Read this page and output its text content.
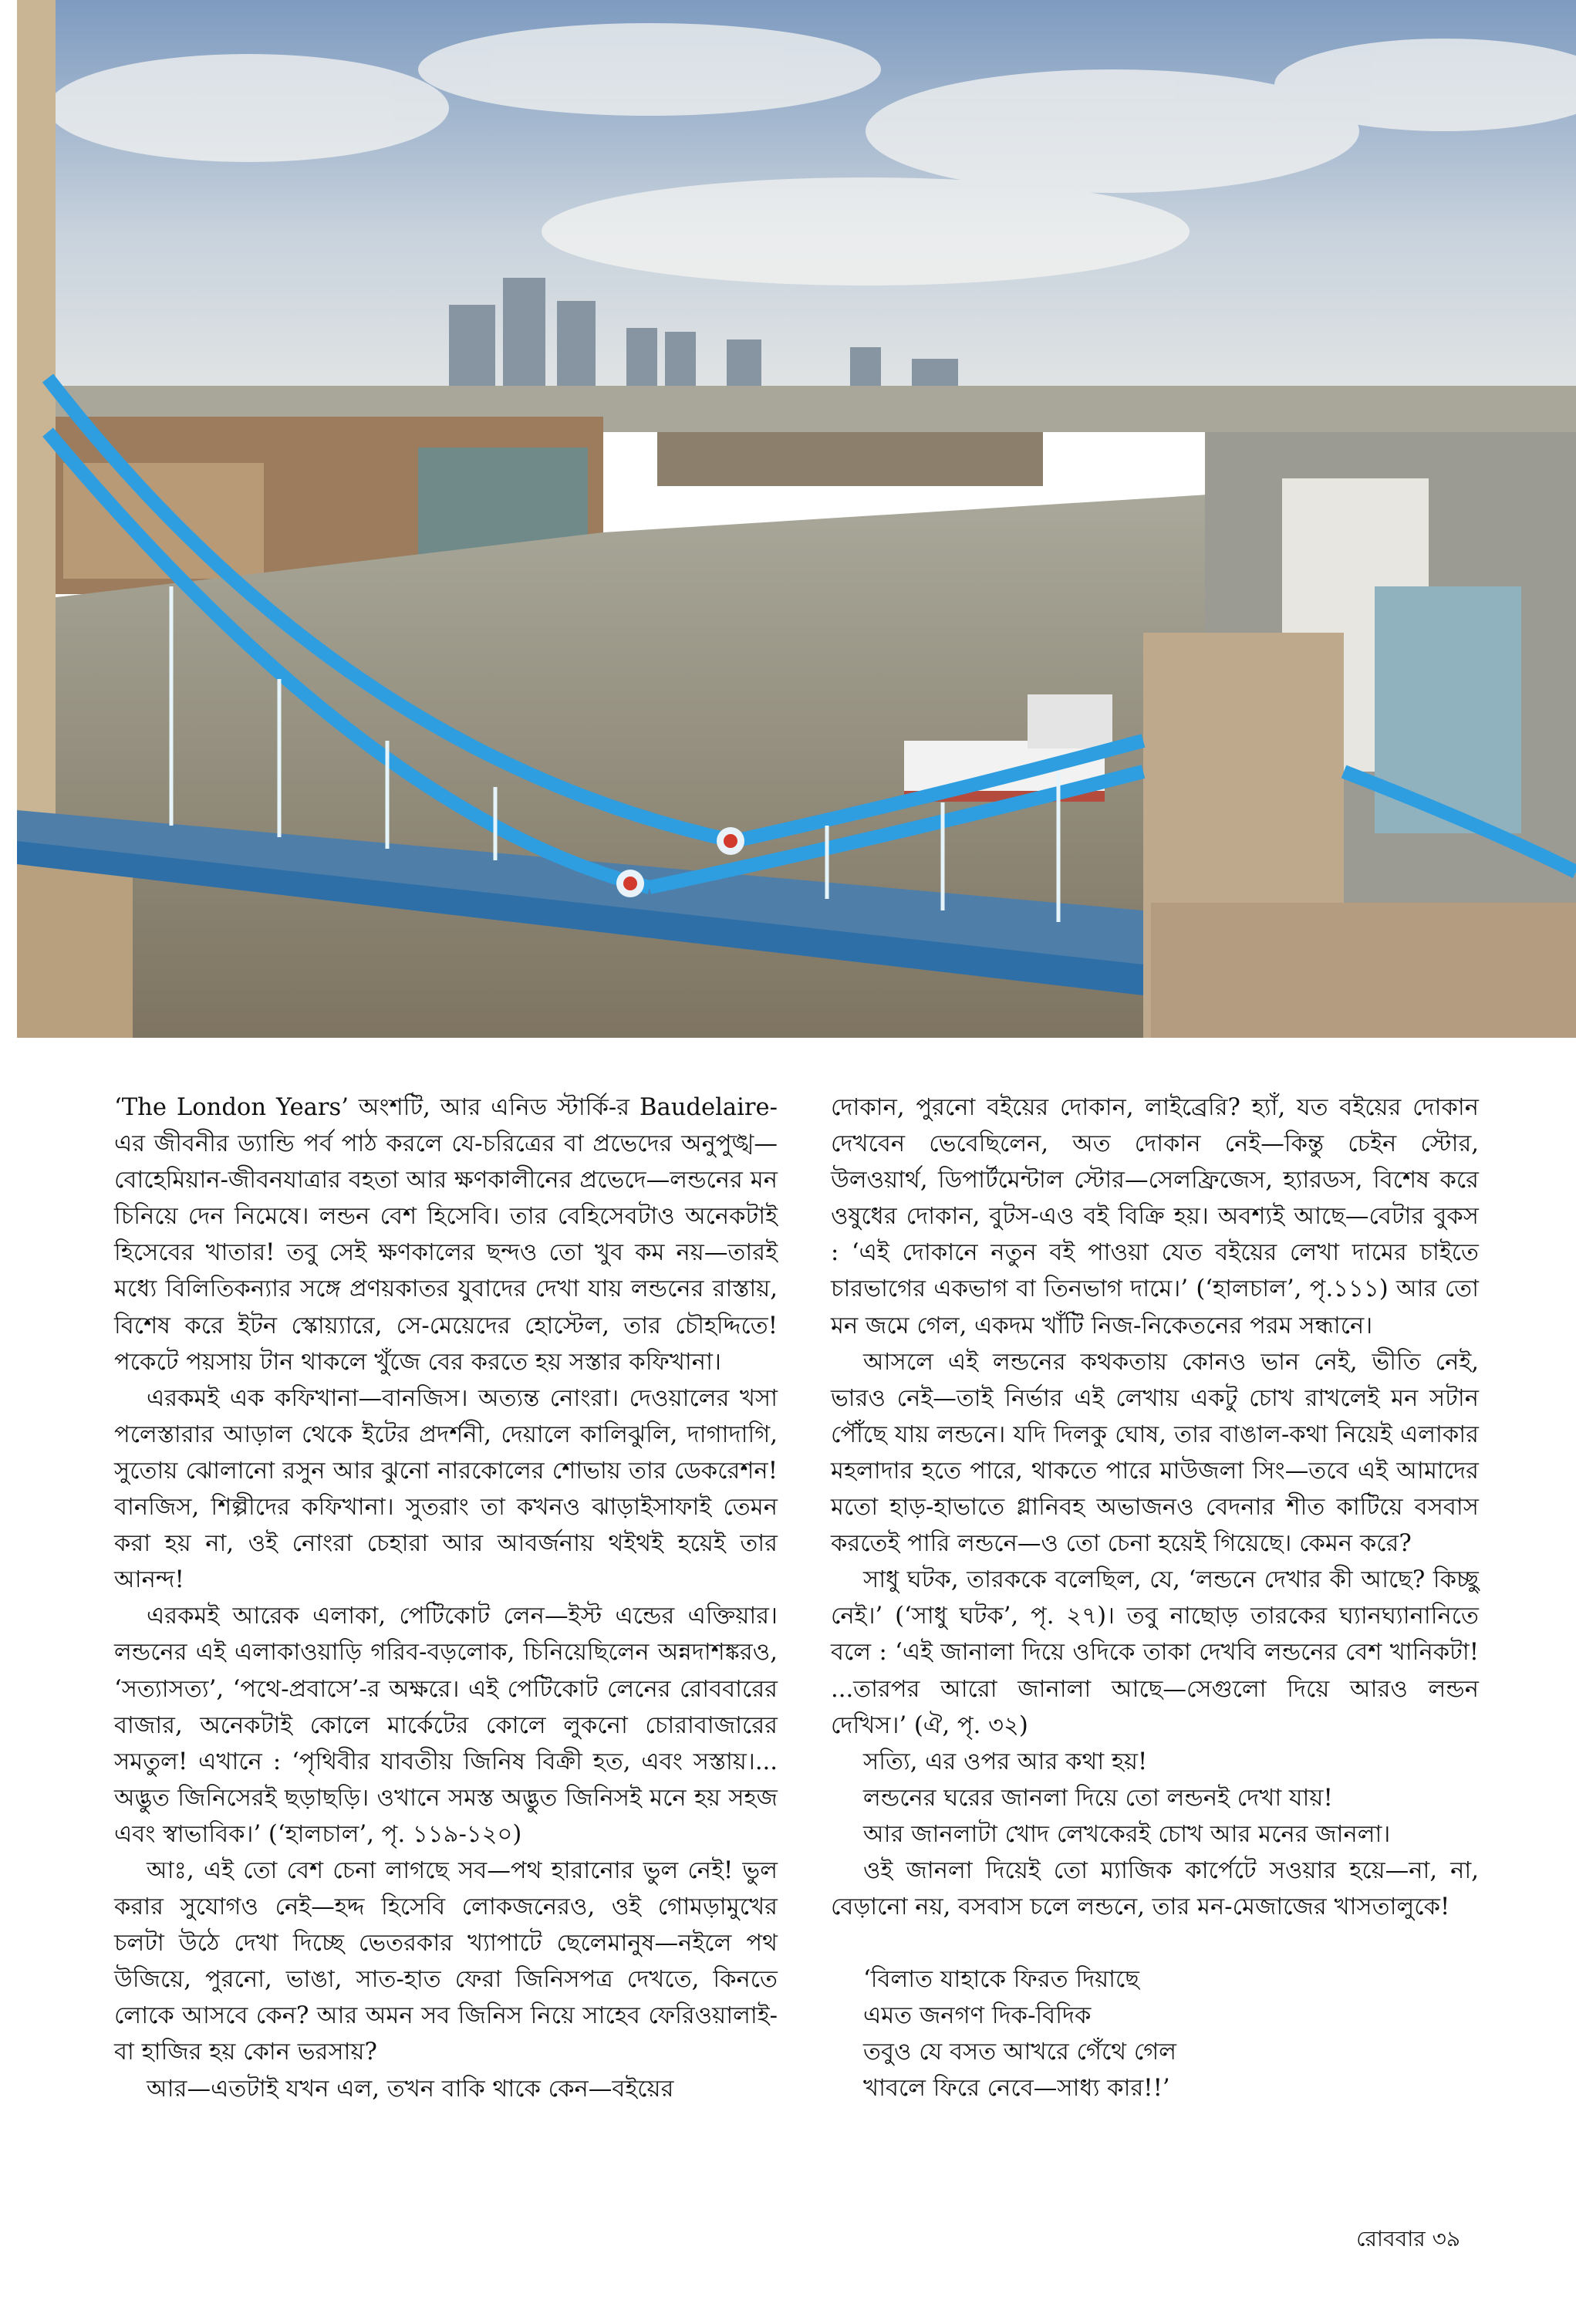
‘The London Years’ অংশটি, আর এনিড স্টার্কি-র Baudelaire-এর জীবনীর ড্যান্ডি পর্ব পাঠ করলে যে-চরিত্রের বা প্রভেদের অনুপুঙ্খ—বোহেমিয়ান-জীবনযাত্রার বহতা আর ক্ষণকালীনের প্রভেদে—লন্ডনের মন চিনিয়ে দেন নিমেষে। লন্ডন বেশ হিসেবি। তার বেহিসেবটাও অনেকটাই হিসেবের খাতার! তবু সেই ক্ষণকালের ছন্দও তো খুব কম নয়—তারই মধ্যে বিলিতিকন্যার সঙ্গে প্রণয়কাতর যুবাদের দেখা যায় লন্ডনের রাস্তায়, বিশেষ করে ইটন স্কোয়্যারে, সে-মেয়েদের হোস্টেল, তার চৌহদ্দিতে! পকেটে পয়সায় টান থাকলে খুঁজে বের করতে হয় সস্তার কফিখানা।

এরকমই এক কফিখানা—বানজিস। অত্যন্ত নোংরা। দেওয়ালের খসা পলেস্তারার আড়াল থেকে ইটের প্রদর্শনী, দেয়ালে কালিঝুলি, দাগাদাগি, সুতোয় ঝোলানো রসুন আর ঝুনো নারকোলের শোভায় তার ডেকরেশন! বানজিস, শিল্পীদের কফিখানা। সুতরাং তা কখনও ঝাড়াইসাফাই তেমন করা হয় না, ওই নোংরা চেহারা আর আবর্জনায় থইথই হয়েই তার আনন্দ!

এরকমই আরেক এলাকা, পেটিকোট লেন—ইস্ট এন্ডের এক্তিয়ার। লন্ডনের এই এলাকাওয়াড়ি গরিব-বড়লোক, চিনিয়েছিলেন অন্নদাশঙ্করও, ‘সত্যাসত্য’, ‘পথে-প্রবাসে’-র অক্ষরে। এই পেটিকোট লেনের রোববারের বাজার, অনেকটাই কোলে মার্কেটের কোলে লুকনো চোরাবাজারের সমতুল! এখানে : ‘পৃথিবীর যাবতীয় জিনিষ বিক্রী হত, এবং সস্তায়।... অদ্ভুত জিনিসেরই ছড়াছড়ি। ওখানে সমস্ত অদ্ভুত জিনিসই মনে হয় সহজ এবং স্বাভাবিক।’ (‘হালচাল’, পৃ. ১১৯-১২০)

আঃ, এই তো বেশ চেনা লাগছে সব—পথ হারানোর ভুল নেই! ভুল করার সুযোগও নেই—হদ্দ হিসেবি লোকজনেরও, ওই গোমড়ামুখের চলটা উঠে দেখা দিচ্ছে ভেতরকার খ্যাপাটে ছেলেমানুষ—নইলে পথ উজিয়ে, পুরনো, ভাঙা, সাত-হাত ফেরা জিনিসপত্র দেখতে, কিনতে লোকে আসবে কেন? আর অমন সব জিনিস নিয়ে সাহেব ফেরিওয়ালাই-বা হাজির হয় কোন ভরসায়?

আর—এতটাই যখন এল, তখন বাকি থাকে কেন—বইয়ের

দোকান, পুরনো বইয়ের দোকান, লাইব্রেরি? হ্যাঁ, যত বইয়ের দোকান দেখবেন ভেবেছিলেন, অত দোকান নেই—কিন্তু চেইন স্টোর, উলওয়ার্থ, ডিপার্টমেন্টাল স্টোর—সেলফ্রিজেস, হ্যারডস, বিশেষ করে ওষুধের দোকান, বুটস-এও বই বিক্রি হয়। অবশ্যই আছে—বেটার বুকস : ‘এই দোকানে নতুন বই পাওয়া যেত বইয়ের লেখা দামের চাইতে চারভাগের একভাগ বা তিনভাগ দামে।’ (‘হালচাল’, পৃ.১১১) আর তো মন জমে গেল, একদম খাঁটি নিজ-নিকেতনের পরম সন্ধানে।

আসলে এই লন্ডনের কথকতায় কোনও ভান নেই, ভীতি নেই, ভারও নেই—তাই নির্ভার এই লেখায় একটু চোখ রাখলেই মন সটান পৌঁছে যায় লন্ডনে। যদি দিলকু ঘোষ, তার বাঙাল-কথা নিয়েই এলাকার মহলাদার হতে পারে, থাকতে পারে মাউজলা সিং—তবে এই আমাদের মতো হাড়-হাভাতে গ্লানিবহ অভাজনও বেদনার শীত কাটিয়ে বসবাস করতেই পারি লন্ডনে—ও তো চেনা হয়েই গিয়েছে। কেমন করে?

সাধু ঘটক, তারককে বলেছিল, যে, ‘লন্ডনে দেখার কী আছে? কিচ্ছু নেই।’ (‘সাধু ঘটক’, পৃ. ২৭)। তবু নাছোড় তারকের ঘ্যানঘ্যানানিতে বলে : ‘এই জানালা দিয়ে ওদিকে তাকা দেখবি লন্ডনের বেশ খানিকটা! ...তারপর আরো জানালা আছে—সেগুলো দিয়ে আরও লন্ডন দেখিস।’ (ঐ, পৃ. ৩২)

সত্যি, এর ওপর আর কথা হয়!

লন্ডনের ঘরের জানলা দিয়ে তো লন্ডনই দেখা যায়!

আর জানলাটা খোদ লেখকেরই চোখ আর মনের জানলা।

ওই জানলা দিয়েই তো ম্যাজিক কার্পেটে সওয়ার হয়ে—না, না, বেড়ানো নয়, বসবাস চলে লন্ডনে, তার মন-মেজাজের খাসতালুকে!

‘বিলাত যাহাকে ফিরত দিয়াছে

এমত জনগণ দিক-বিদিক

তবুও যে বসত আখরে গেঁথে গেল

খাবলে ফিরে নেবে—সাধ্য কার!!’

রোববার ৩৯
